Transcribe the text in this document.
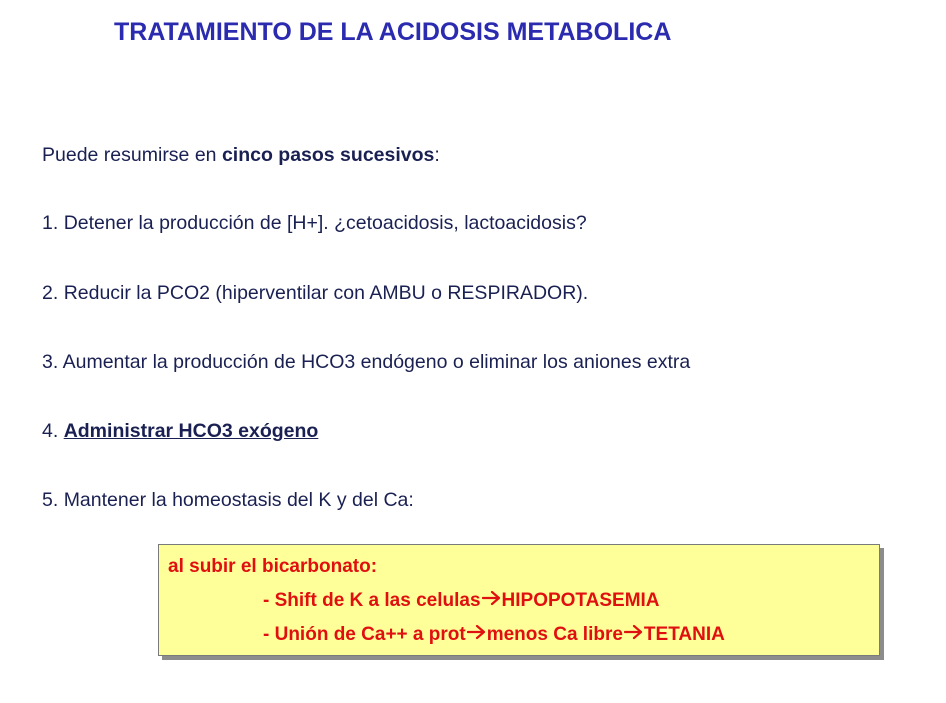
TRATAMIENTO DE LA ACIDOSIS METABOLICA
Puede resumirse en cinco pasos sucesivos:
1. Detener la producción de [H+]. ¿cetoacidosis, lactoacidosis?
2. Reducir la PCO2 (hiperventilar con AMBU o RESPIRADOR).
3. Aumentar la producción de HCO3 endógeno o eliminar los aniones extra
4. Administrar HCO3 exógeno
5. Mantener la homeostasis del K y del Ca:
al subir el bicarbonato:
- Shift de K a las celulas HIPOPOTASEMIA
- Unión de Ca++ a prot menos Ca libre TETANIA
